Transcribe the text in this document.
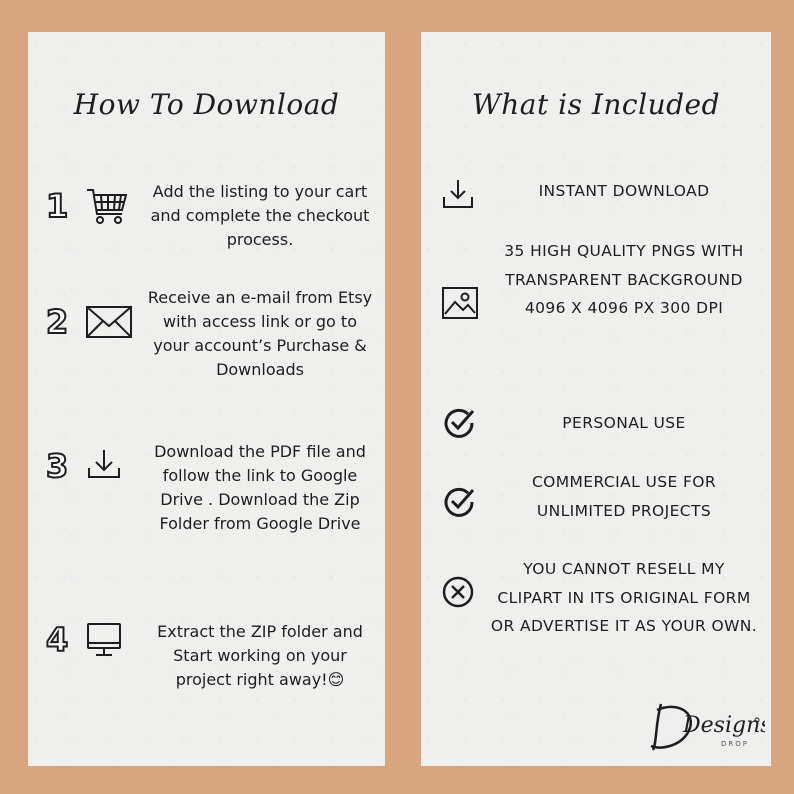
How To Download
1	Add the listing to your cart and complete the checkout process.
2
Receive an e-mail from Etsy with access link or go to your account’s Purchase & Downloads
3	Download the PDF file and follow the link to Google Drive . Download the Zip Folder from Google Drive
4	Extract the ZIP folder and Start working on your project right away!😊
What is Included
INSTANT DOWNLOAD
35 HIGH QUALITY PNGS WITH TRANSPARENT BACKGROUND 4096 X 4096 PX 300 DPI
PERSONAL USE
COMMERCIAL USE FOR UNLIMITED PROJECTS
YOU CANNOT RESELL MY CLIPART IN ITS ORIGINAL FORM OR ADVERTISE IT AS YOUR OWN.
Designs
DROP
